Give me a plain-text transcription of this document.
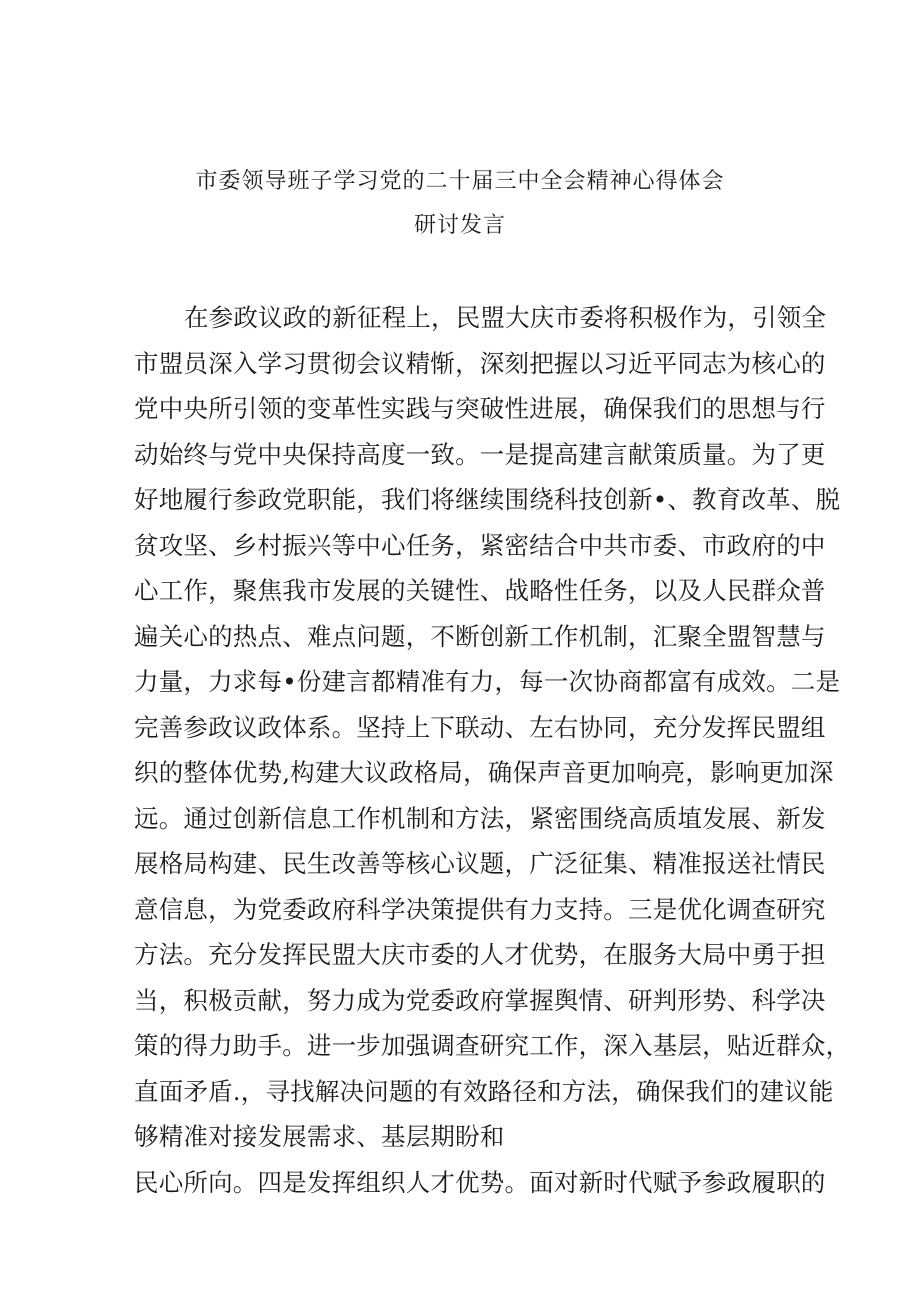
市委领导班子学习党的二十届三中全会精神心得体会
研讨发言
在参政议政的新征程上，民盟大庆市委将积极作为，引领全
市盟员深入学习贯彻会议精惭，深刻把握以习近平同志为核心的
党中央所引领的变革性实践与突破性进展，确保我们的思想与行
动始终与党中央保持高度一致。一是提高建言献策质量。为了更
好地履行参政党职能，我们将继续围绕科技创新•、教育改革、脱
贫攻坚、乡村振兴等中心任务，紧密结合中共市委、市政府的中
心工作，聚焦我市发展的关键性、战略性任务，以及人民群众普
遍关心的热点、难点问题，不断创新工作机制，汇聚全盟智慧与
力量，力求每•份建言都精准有力，每一次协商都富有成效。二是
完善参政议政体系。坚持上下联动、左右协同，充分发挥民盟组
织的整体优势,构建大议政格局，确保声音更加响亮，影响更加深
远。通过创新信息工作机制和方法，紧密围绕高质埴发展、新发
展格局构建、民生改善等核心议题，广泛征集、精准报送社情民
意信息，为党委政府科学决策提供有力支持。三是优化调查研究
方法。充分发挥民盟大庆市委的人才优势，在服务大局中勇于担
当，积极贡献，努力成为党委政府掌握舆情、研判形势、科学决
策的得力助手。进一步加强调查研究工作，深入基层，贴近群众，
直面矛盾.，寻找解决问题的有效路径和方法，确保我们的建议能
够精准对接发展需求、基层期盼和
民心所向。四是发挥组织人才优势。面对新时代赋予参政履职的
